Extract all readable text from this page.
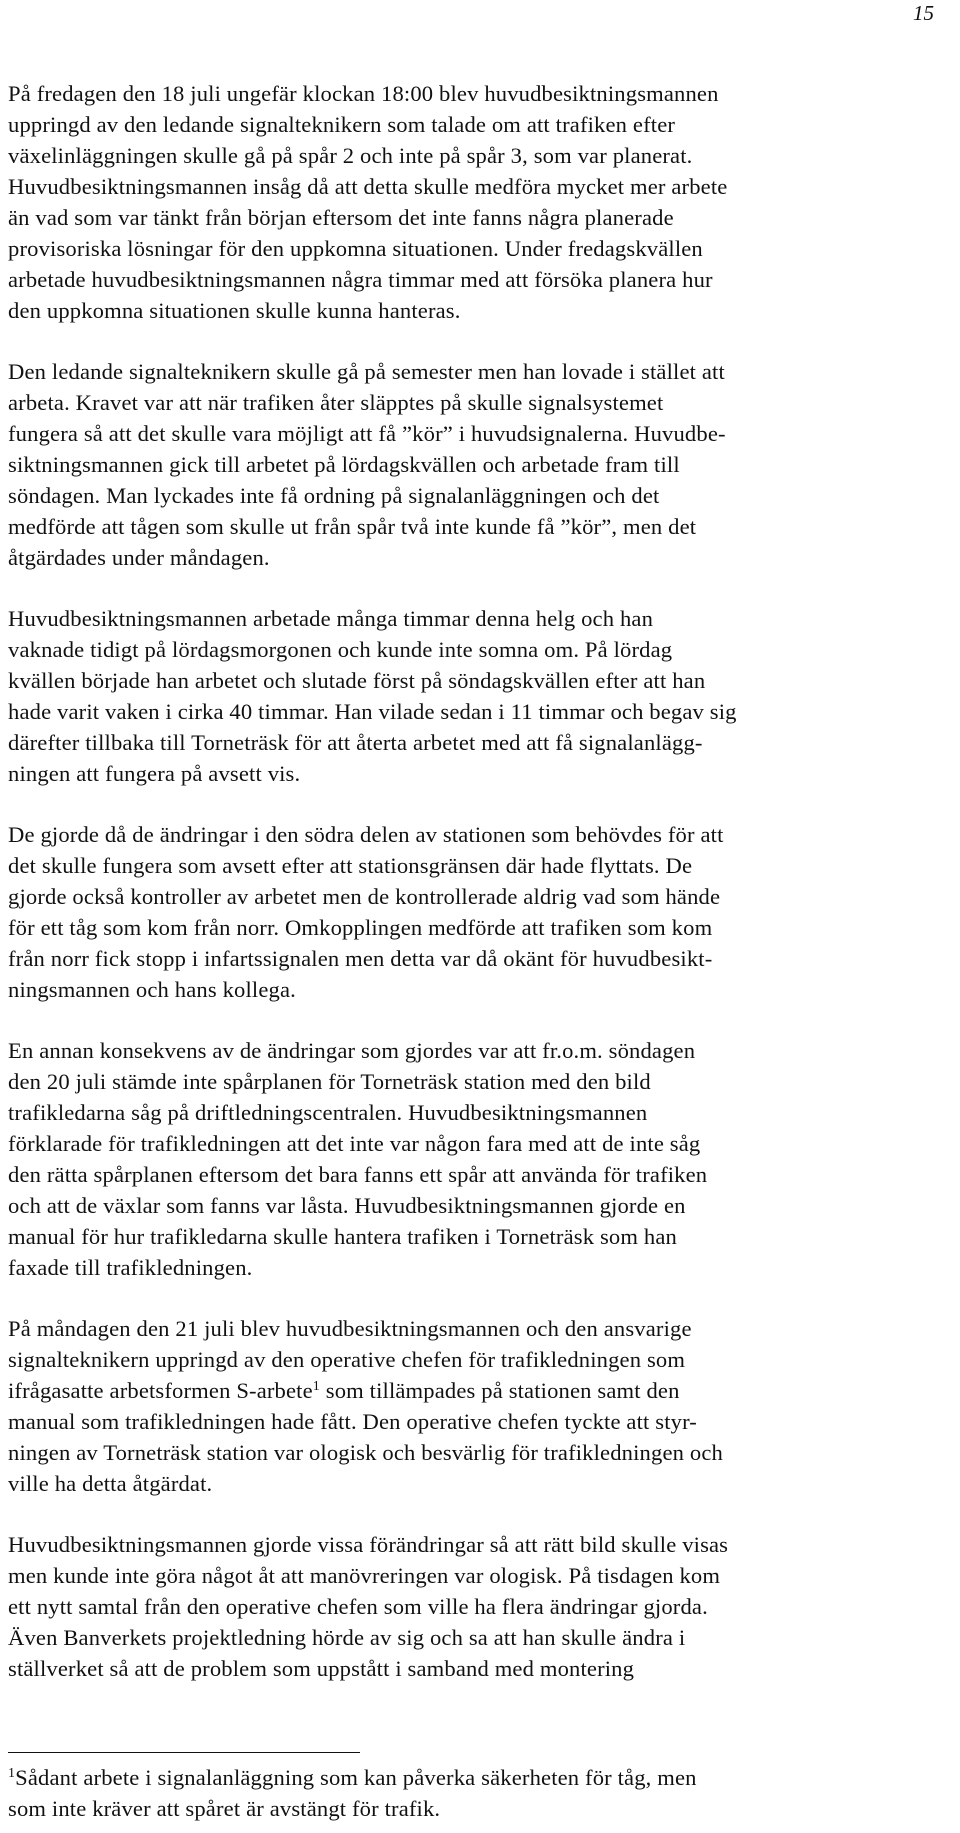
15

På fredagen den 18 juli ungefär klockan 18:00 blev huvudbesiktningsmannen
uppringd av den ledande signalteknikern som talade om att trafiken efter
växelinläggningen skulle gå på spår 2 och inte på spår 3, som var planerat.
Huvudbesiktningsmannen insåg då att detta skulle medföra mycket mer arbete
än vad som var tänkt från början eftersom det inte fanns några planerade
provisoriska lösningar för den uppkomna situationen. Under fredagskvällen
arbetade huvudbesiktningsmannen några timmar med att försöka planera hur
den uppkomna situationen skulle kunna hanteras.

Den ledande signalteknikern skulle gå på semester men han lovade i stället att
arbeta. Kravet var att när trafiken åter släpptes på skulle signalsystemet
fungera så att det skulle vara möjligt att få ”kör” i huvudsignalerna. Huvudbe-
siktningsmannen gick till arbetet på lördagskvällen och arbetade fram till
söndagen. Man lyckades inte få ordning på signalanläggningen och det
medförde att tågen som skulle ut från spår två inte kunde få ”kör”, men det
åtgärdades under måndagen.

Huvudbesiktningsmannen arbetade många timmar denna helg och han
vaknade tidigt på lördagsmorgonen och kunde inte somna om. På lördag
kvällen började han arbetet och slutade först på söndagskvällen efter att han
hade varit vaken i cirka 40 timmar. Han vilade sedan i 11 timmar och begav sig
därefter tillbaka till Torneträsk för att återta arbetet med att få signalanlägg-
ningen att fungera på avsett vis.

De gjorde då de ändringar i den södra delen av stationen som behövdes för att
det skulle fungera som avsett efter att stationsgränsen där hade flyttats. De
gjorde också kontroller av arbetet men de kontrollerade aldrig vad som hände
för ett tåg som kom från norr. Omkopplingen medförde att trafiken som kom
från norr fick stopp i infartssignalen men detta var då okänt för huvudbesikt-
ningsmannen och hans kollega.

En annan konsekvens av de ändringar som gjordes var att fr.o.m. söndagen
den 20 juli stämde inte spårplanen för Torneträsk station med den bild
trafikledarna såg på driftledningscentralen. Huvudbesiktningsmannen
förklarade för trafikledningen att det inte var någon fara med att de inte såg
den rätta spårplanen eftersom det bara fanns ett spår att använda för trafiken
och att de växlar som fanns var låsta. Huvudbesiktningsmannen gjorde en
manual för hur trafikledarna skulle hantera trafiken i Torneträsk som han
faxade till trafikledningen.

På måndagen den 21 juli blev huvudbesiktningsmannen och den ansvarige
signalteknikern uppringd av den operative chefen för trafikledningen som
ifrågasatte arbetsformen S-arbete$^1$ som tillämpades på stationen samt den
manual som trafikledningen hade fått. Den operative chefen tyckte att styr-
ningen av Torneträsk station var ologisk och besvärlig för trafikledningen och
ville ha detta åtgärdat.

Huvudbesiktningsmannen gjorde vissa förändringar så att rätt bild skulle visas
men kunde inte göra något åt att manövreringen var ologisk. På tisdagen kom
ett nytt samtal från den operative chefen som ville ha flera ändringar gjorda.
Även Banverkets projektledning hörde av sig och sa att han skulle ändra i
ställverket så att de problem som uppstått i samband med montering

$^1$Sådant arbete i signalanläggning som kan påverka säkerheten för tåg, men
som inte kräver att spåret är avstängt för trafik.
